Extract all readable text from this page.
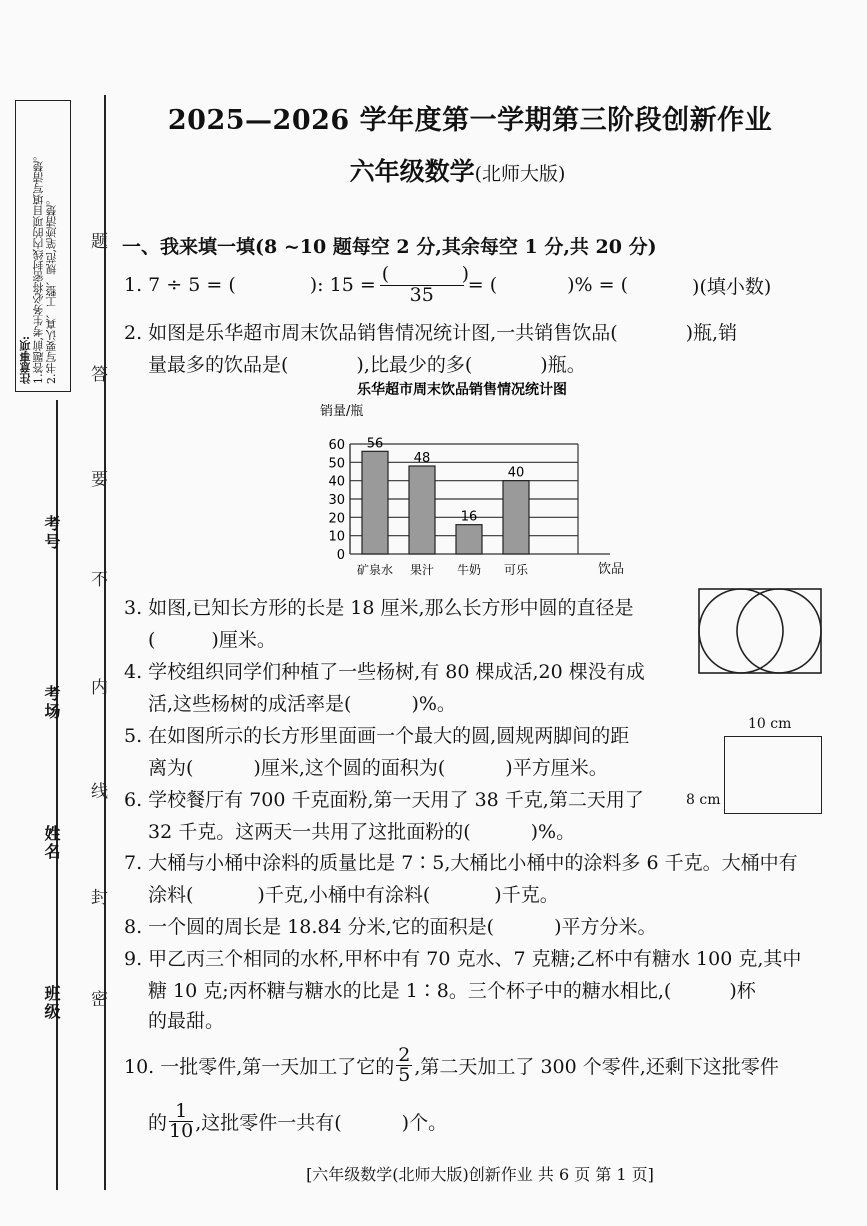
注意事项: 1.答题前,考生务必将密封线内的项目填写清楚。 2.书写要认真、工整、规范,笔迹清楚。
考号
考场
姓名
班级
题
答
要
不
内
线
封
密
2025—2026 学年度第一学期第三阶段创新作业
六年级数学(北师大版)
一、我来填一填(8 ~10 题每空 2 分,其余每空 1 分,共 20 分)
1. 7 ÷ 5 = (	): $15 = \frac{( )}{35}$ = (	)% = (	)(填小数)
2. 如图是乐华超市周末饮品销售情况统计图,一共销售饮品(	)瓶,销
量最多的饮品是(	),比最少的多(	)瓶。
乐华超市周末饮品销售情况统计图
销量/瓶
0
10
20
30
40
50
60 56
48
16
40
矿泉水 果汁 牛奶 可乐	饮品
3. 如图,已知长方形的长是 18 厘米,那么长方形中圆的直径是
(	)厘米。
4. 学校组织同学们种植了一些杨树,有 80 棵成活,20 棵没有成
活,这些杨树的成活率是(	)%。
5. 在如图所示的长方形里面画一个最大的圆,圆规两脚间的距
离为(	)厘米,这个圆的面积为(	)平方厘米。
10 cm
8 cm
6. 学校餐厅有 700 千克面粉,第一天用了 38 千克,第二天用了
32 千克。这两天一共用了这批面粉的(	)%。
7. 大桶与小桶中涂料的质量比是 7∶5,大桶比小桶中的涂料多 6 千克。大桶中有
涂料(	)千克,小桶中有涂料(	)千克。
8. 一个圆的周长是 18.84 分米,它的面积是(	)平方分米。
9. 甲乙丙三个相同的水杯,甲杯中有 70 克水、7 克糖;乙杯中有糖水 100 克,其中
糖 10 克;丙杯糖与糖水的比是 1∶8。三个杯子中的糖水相比,(	)杯
的最甜。
10. 一批零件,第一天加工了它的 $\frac{2}{5}$ ,第二天加工了 300 个零件,还剩下这批零件
的 $\frac{1}{10}$ ,这批零件一共有(	)个。
[六年级数学(北师大版)创新作业 共 6 页 第 1 页]
